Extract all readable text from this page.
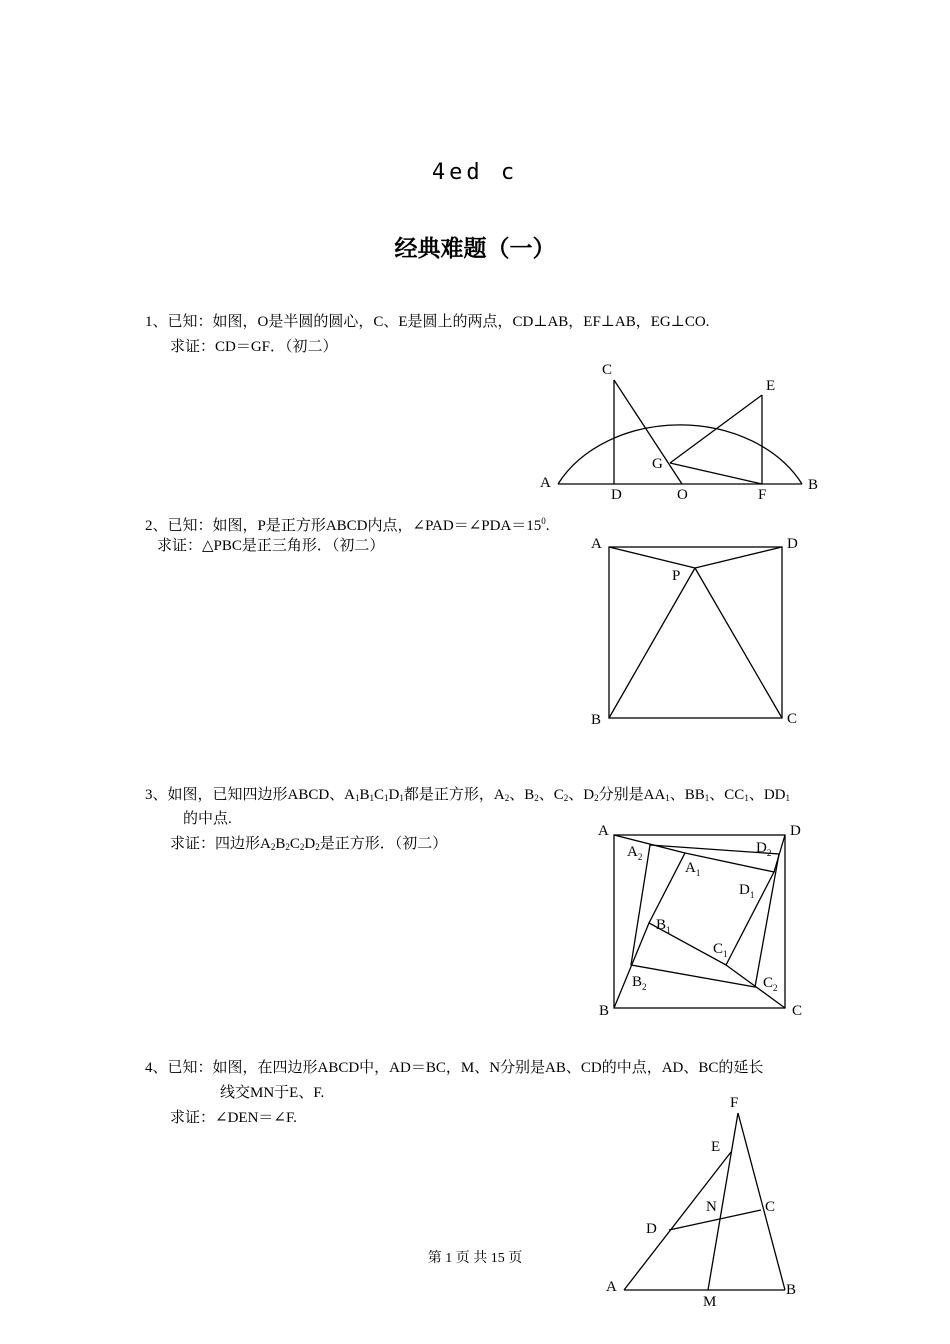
4ed c
经典难题（一）
1、已知：如图，O是半圆的圆心，C、E是圆上的两点，CD⊥AB，EF⊥AB，EG⊥CO.
求证：CD＝GF．（初二）
A	B
C
D
E
F
G
O
2、已知：如图，P是正方形ABCD内点，$\angle PAD=\angle PDA=15^0$.
求证：△PBC是正三角形．（初二）	A	D
B	C
P
3、如图，已知四边形ABCD、$A_1B_1C_1D_1$都是正方形，$A_2$、$B_2$、$C_2$、$D_2$分别是$AA_1$、$BB_1$、$CC_1$、$DD_1$
的中点.
求证：四边形$A_2B_2C_2D_2$是正方形．（初二）
A	D
B	C
$A_2$
$A_1$
$D_2$
$D_1$
$B_1$
$C_1$
$B_2$	$C_2$
4、已知：如图，在四边形ABCD中，AD＝BC，M、N分别是AB、CD的中点，AD、BC的延长
线交MN于E、F.
求证：∠DEN＝∠F.
F
E
N	C
D
A	B
M
第 1 页 共 15 页
